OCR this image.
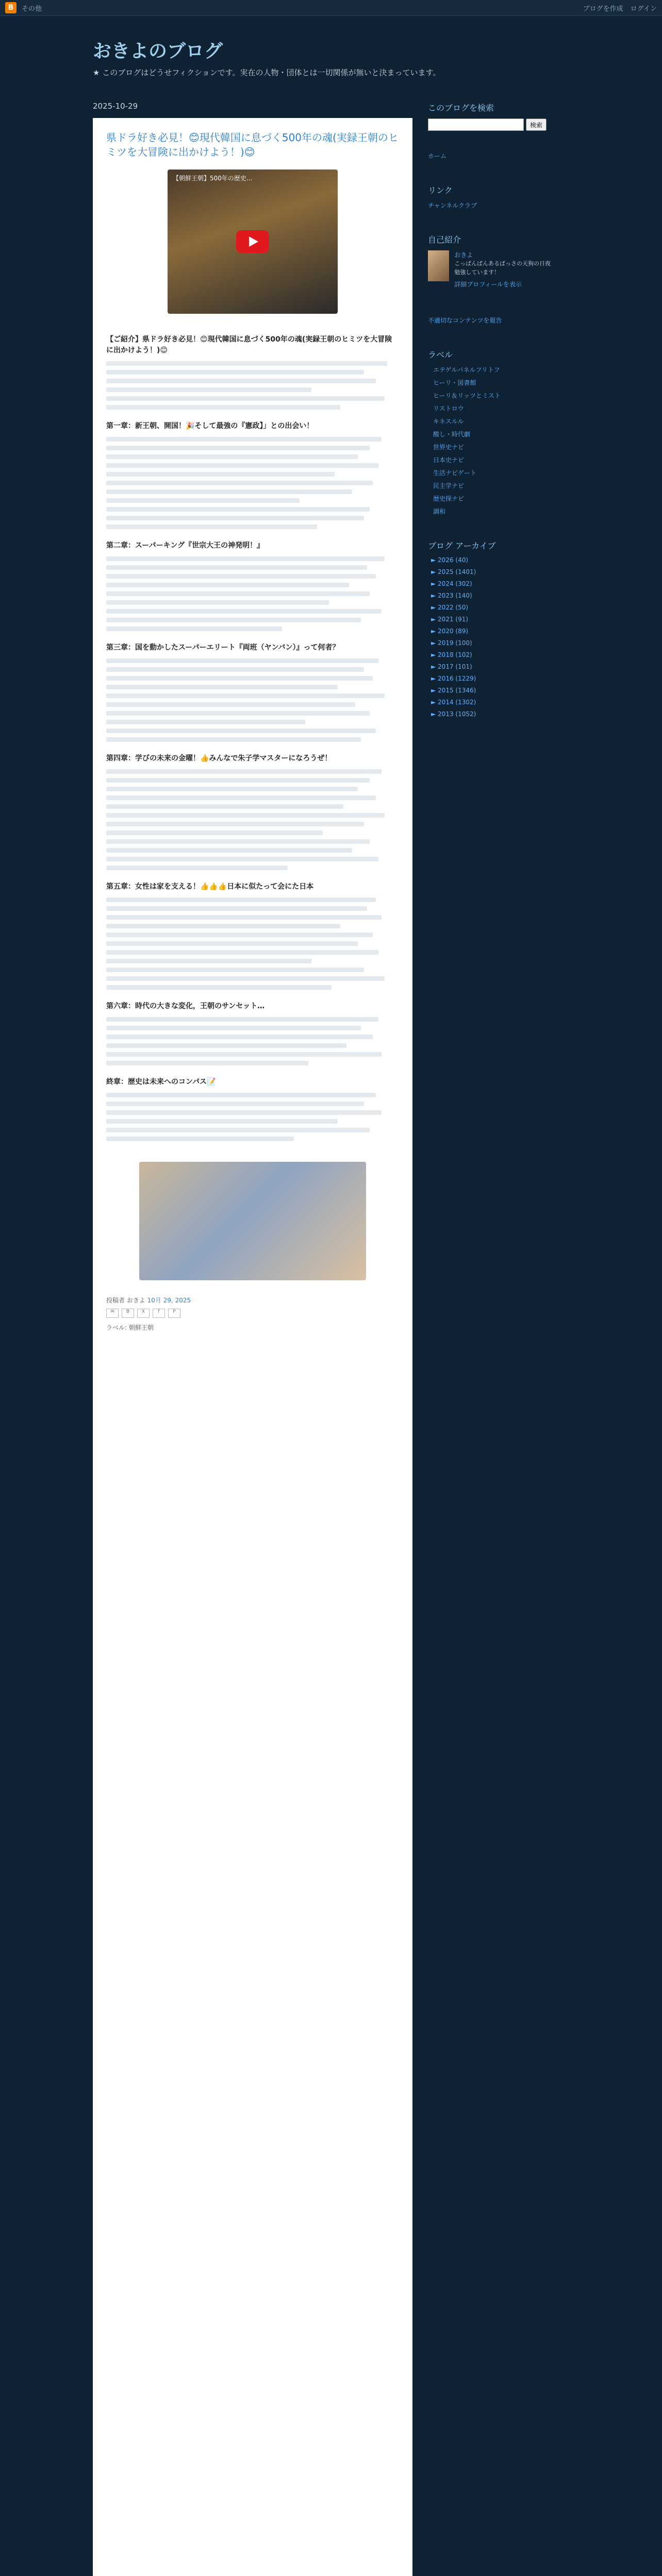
B	その他	ブログを作成 ログイン
おきよのブログ
★ このブログはどうせフィクションです。実在の人物・団体とは一切関係が無いと決まっています。
2025-10-29
県ドラ好き必見！😊現代韓国に息づく500年の魂(実録王朝のヒミツを大冒険に出かけよう！)😊
【朝鮮王朝】500年の歴史...
【ご紹介】県ドラ好き必見！😊現代韓国に息づく500年の魂(実録王朝のヒミツを大冒険に出かけよう！)😊
第一章：新王朝、開国！🎉そして最強の『憲政】」との出会い！
第二章：スーパーキング『世宗大王の神発明！』
第三章：国を動かしたスーパーエリート『両班（ヤンバン）』って何者？
第四章：学びの未来の金曜！👍みんなで朱子学マスターになろうぜ！
第五章：女性は家を支える！👍👍👍日本に似たって会にた日本
第六章：時代の大きな変化，王朝のサンセット…
終章：歴史は未来へのコンパス📝
投稿者 おきよ 10月 29, 2025
✉	B	X	f	P
ラベル: 朝鮮王朝
このブログを検索
検索
ホーム
リンク
チャンネルクラブ
自己紹介
おきよ
こっぱんばんあるぱっさの天狗の日夜勉強しています！
詳細プロフィールを表示
不適切なコンテンツを報告
ラベル
エテゲルパネルフリトフ
ヒーリ・図書館
ヒーリ＆リッツとミスト
リストロウ
キネスルル
酸し・時代劇
世界史ナビ
日本史ナビ
生活ナビゲート
民主学ナビ
歴史探ナビ
調和
ブログ アーカイブ
► 2026 (40)
► 2025 (1401)
► 2024 (302)
► 2023 (140)
► 2022 (50)
► 2021 (91)
► 2020 (89)
► 2019 (100)
► 2018 (102)
► 2017 (101)
► 2016 (1229)
► 2015 (1346)
► 2014 (1302)
► 2013 (1052)
